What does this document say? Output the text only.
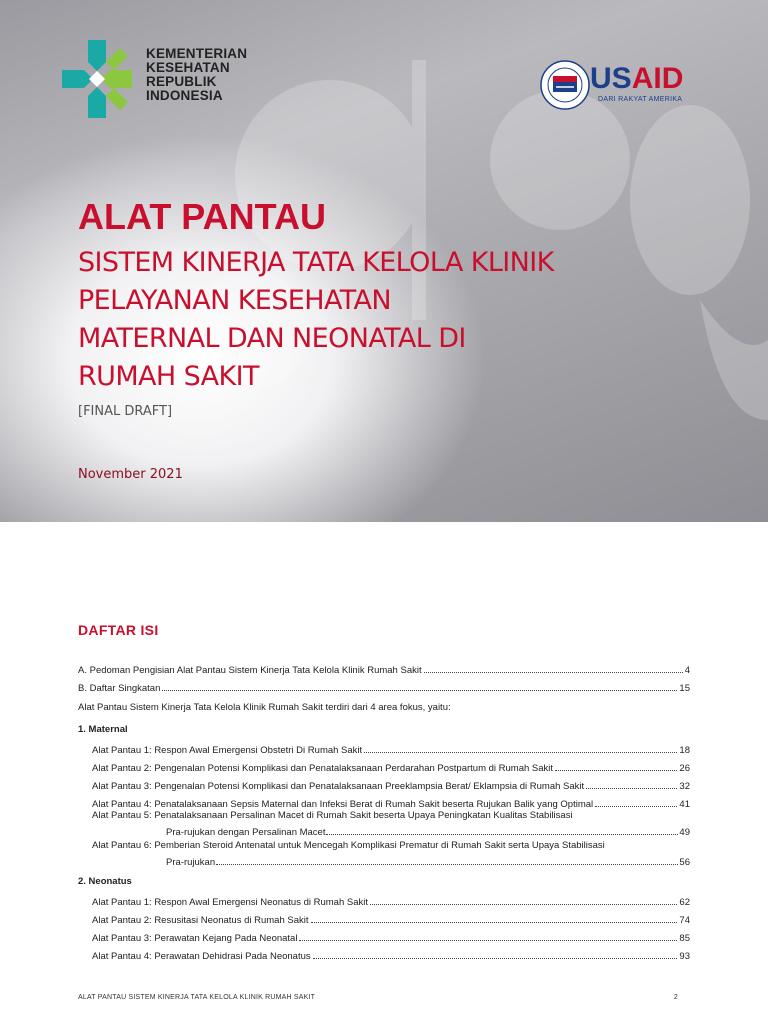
KEMENTERIAN
KESEHATAN
REPUBLIK
INDONESIA
USAID
DARI RAKYAT AMERIKA
ALAT PANTAU
SISTEM KINERJA TATA KELOLA KLINIK
PELAYANAN KESEHATAN
MATERNAL DAN NEONATAL DI
RUMAH SAKIT
[FINAL DRAFT]
November 2021
DAFTAR ISI
A. Pedoman Pengisian Alat Pantau Sistem Kinerja Tata Kelola Klinik Rumah Sakit	4
B. Daftar Singkatan	15
Alat Pantau Sistem Kinerja Tata Kelola Klinik Rumah Sakit terdiri dari 4 area fokus, yaitu:
1. Maternal
Alat Pantau 1: Respon Awal Emergensi Obstetri Di Rumah Sakit	18
Alat Pantau 2: Pengenalan Potensi Komplikasi dan Penatalaksanaan Perdarahan Postpartum di Rumah Sakit	26
Alat Pantau 3: Pengenalan Potensi Komplikasi dan Penatalaksanaan Preeklampsia Berat/ Eklampsia di Rumah Sakit	32
Alat Pantau 4: Penatalaksanaan Sepsis Maternal dan Infeksi Berat di Rumah Sakit beserta Rujukan Balik yang Optimal	41
Alat Pantau 5: Penatalaksanaan Persalinan Macet di Rumah Sakit beserta Upaya Peningkatan Kualitas Stabilisasi
Pra-rujukan dengan Persalinan Macet	49
Alat Pantau 6: Pemberian Steroid Antenatal untuk Mencegah Komplikasi Prematur di Rumah Sakit serta Upaya Stabilisasi
Pra-rujukan	56
2. Neonatus
Alat Pantau 1: Respon Awal Emergensi Neonatus di Rumah Sakit	62
Alat Pantau 2: Resusitasi Neonatus di Rumah Sakit	74
Alat Pantau 3: Perawatan Kejang Pada Neonatal	85
Alat Pantau 4: Perawatan Dehidrasi Pada Neonatus	93
ALAT PANTAU SISTEM KINERJA TATA KELOLA KLINIK RUMAH SAKIT	2
